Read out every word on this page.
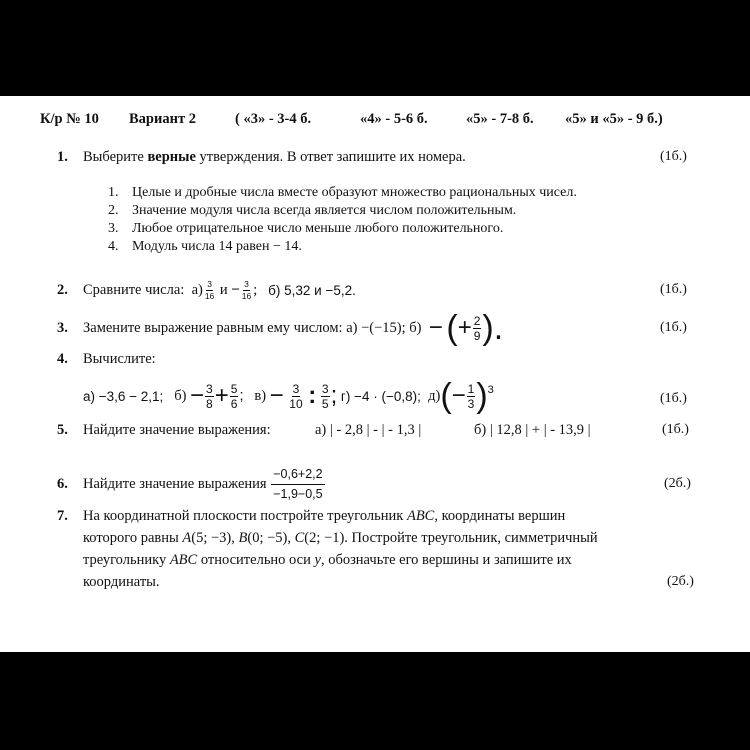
К/р № 10 Вариант 2	( «3» - 3-4 б.	«4» - 5-6 б.	«5» - 7-8 б. «5» и «5» - 9 б.)
1. Выберите верные утверждения. В ответ запишите их номера.	(1б.)
1. Целые и дробные числа вместе образуют множество рациональных чисел.
2. Значение модуля числа всегда является числом положительным.
3. Любое отрицательное число меньше любого положительного.
4. Модуль числа 14 равен − 14.
2. Сравните числа:
$а) \frac{3}{16}$
и
− $\frac{3}{16}$ ;
б) 5,32 и −5,2.	(1б.)
3. Замените выражение равным ему числом: а) −(−15); б)
−
( + $\frac{2}{9}$ ).	(1б.)
4. Вычислите:
а) −3,6 − 2,1;
б)
− $\frac{3}{8} + \frac{5}{6}$ ;
в)
−
$\frac{3}{10}$
:
$\frac{3}{5}$ ;
г) −4 · (−0,8);
д) ( − $\frac{1}{3} )^3$
(1б.)
5. Найдите значение выражения:	а) | - 2,8 | - | - 1,3 |	б) | 12,8 | + | - 13,9 |	(1б.)
6. Найдите значение выражения
$\frac{-0,6+2,2}{-1,9-0,5}$	(2б.)
7. На координатной плоскости постройте треугольник ABC, координаты вершин
которого равны A(5; −3), B(0; −5), C(2; −1). Постройте треугольник, симметричный
треугольнику ABC относительно оси y, обозначьте его вершины и запишите их
координаты.	(2б.)
